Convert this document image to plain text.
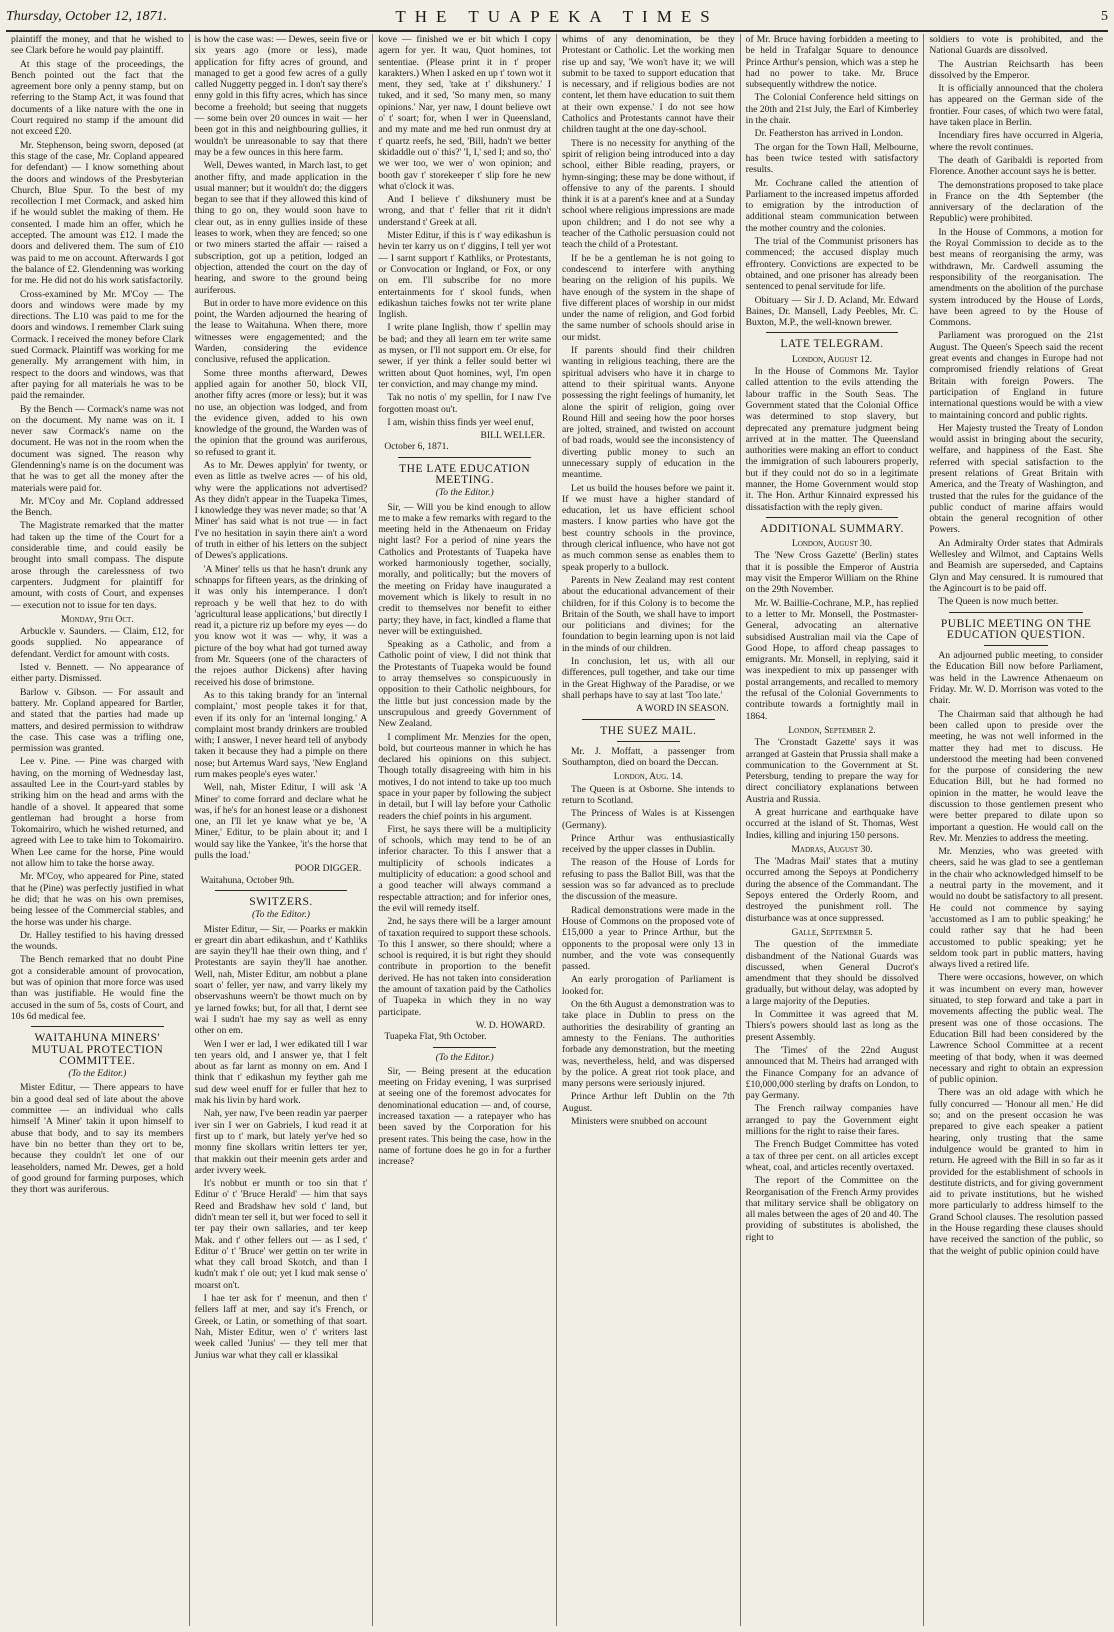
Thursday, October 12, 1871.	THE TUAPEKA TIMES	5

plaintiff the money, and that he wished to see Clark before he would pay plaintiff.

At this stage of the proceedings, the Bench pointed out the fact that the agreement bore only a penny stamp, but on referring to the Stamp Act, it was found that documents of a like nature with the one in Court required no stamp if the amount did not exceed £20.

Mr. Stephenson, being sworn, deposed (at this stage of the case, Mr. Copland appeared for defendant) — I know something about the doors and windows of the Presbyterian Church, Blue Spur. To the best of my recollection I met Cormack, and asked him if he would sublet the making of them. He consented. I made him an offer, which he accepted. The amount was £12. I made the doors and delivered them. The sum of £10 was paid to me on account. Afterwards I got the balance of £2. Glendenning was working for me. He did not do his work satisfactorily.

Cross-examined by Mr. M'Coy — The doors and windows were made by my directions. The L10 was paid to me for the doors and windows. I remember Clark suing Cormack. I received the money before Clark sued Cormack. Plaintiff was working for me generally. My arrangement with him, in respect to the doors and windows, was that after paying for all materials he was to be paid the remainder.

By the Bench — Cormack's name was not on the document. My name was on it. I never saw Cormack's name on the document. He was not in the room when the document was signed. The reason why Glendenning's name is on the document was that he was to get all the money after the materials were paid for.

Mr. M'Coy and Mr. Copland addressed the Bench.

The Magistrate remarked that the matter had taken up the time of the Court for a considerable time, and could easily be brought into small compass. The dispute arose through the carelessness of two carpenters. Judgment for plaintiff for amount, with costs of Court, and expenses — execution not to issue for ten days.

Monday, 9th Oct.

Arbuckle v. Saunders. — Claim, £12, for goods supplied. No appearance of defendant. Verdict for amount with costs.

Isted v. Bennett. — No appearance of either party. Dismissed.

Barlow v. Gibson. — For assault and battery. Mr. Copland appeared for Bartler, and stated that the parties had made up matters, and desired permission to withdraw the case. This case was a trifling one, permission was granted.

Lee v. Pine. — Pine was charged with having, on the morning of Wednesday last, assaulted Lee in the Court-yard stables by striking him on the head and arms with the handle of a shovel. It appeared that some gentleman had brought a horse from Tokomairiro, which he wished returned, and agreed with Lee to take him to Tokomairiro. When Lee came for the horse, Pine would not allow him to take the horse away.

Mr. M'Coy, who appeared for Pine, stated that he (Pine) was perfectly justified in what he did; that he was on his own premises, being lessee of the Commercial stables, and the horse was under his charge.

Dr. Halley testified to his having dressed the wounds.

The Bench remarked that no doubt Pine got a considerable amount of provocation, but was of opinion that more force was used than was justifiable. He would fine the accused in the sum of 5s, costs of Court, and 10s 6d medical fee.

WAITAHUNA MINERS' MUTUAL PROTECTION COMMITTEE.
(To the Editor.)

Mister Editur, — There appears to have bin a good deal sed of late about the above committee — an individual who calls himself 'A Miner' takin it upon himself to abuse that body, and to say its members have bin no better than they ort to be, because they couldn't let one of our leaseholders, named Mr. Dewes, get a hold of good ground for farming purposes, which they thort was auriferous.

is how the case was: — Dewes, seein five or six years ago (more or less), made application for fifty acres of ground, and managed to get a good few acres of a gully called Nuggetty pegged in. I don't say there's enny gold in this fifty acres, which has since become a freehold; but seeing that nuggets — some bein over 20 ounces in wait — her been got in this and neighbouring gullies, it wouldn't be unreasonable to say that there may be a few ounces in this here farm.

Well, Dewes wanted, in March last, to get another fifty, and made application in the usual manner; but it wouldn't do; the diggers began to see that if they allowed this kind of thing to go on, they would soon have to clear out, as in enny gullies inside of these leases to work, when they are fenced; so one or two miners started the affair — raised a subscription, got up a petition, lodged an objection, attended the court on the day of hearing, and swore to the ground being auriferous.

But in order to have more evidence on this point, the Warden adjourned the hearing of the lease to Waitahuna. When there, more witnesses were engagemented; and the Warden, considering the evidence conclusive, refused the application.

Some three months afterward, Dewes applied again for another 50, block VII, another fifty acres (more or less); but it was no use, an objection was lodged, and from the evidence given, added to his own knowledge of the ground, the Warden was of the opinion that the ground was auriferous, so refused to grant it.

As to Mr. Dewes applyin' for twenty, or even as little as twelve acres — of his old, why were the applications not advertised? As they didn't appear in the Tuapeka Times, I knowledge they was never made; so that 'A Miner' has said what is not true — in fact I've no hesitation in sayin there ain't a word of truth in either of his letters on the subject of Dewes's applications.

'A Miner' tells us that he hasn't drunk any schnapps for fifteen years, as the drinking of it was only his intemperance. I don't reproach y be well that hez to do with 'agricultural lease applications,' but directly I read it, a picture riz up before my eyes — do you know wot it was — why, it was a picture of the boy what had got turned away from Mr. Squeers (one of the characters of the rejoes author Dickens) after having received his dose of brimstone.

As to this taking brandy for an 'internal complaint,' most people takes it for that, even if its only for an 'internal longing.' A complaint most brandy drinkers are troubled with; I answer, I never heard tell of anybody taken it because they had a pimple on there nose; but Artemus Ward says, 'New England rum makes people's eyes water.'

Well, nah, Mister Editur, I will ask 'A Miner' to come forrard and declare what he was, if he's for an honest lease or a dishonest one, an I'll let ye knaw what ye be, 'A Miner,' Editur, to be plain about it; and I would say like the Yankee, 'it's the horse that pulls the load.'

POOR DIGGER.
Waitahuna, October 9th.
SWITZERS.
(To the Editor.)

Mister Editur, — Sir, — Poarks er makkin er greart din abart edikashun, and t' Kathliks are sayin they'll hae their own thing, and t' Protestants are sayin they'll hae another. Well, nah, Mister Editur, am nobbut a plane soart o' feller, yer naw, and varry likely my observashuns weern't be thowt much on by ye larned fowks; but, for all that, I dernt see wai I sudn't hae my say as well as enny other on em.

Wen I wer er lad, I wer edikated till I war ten years old, and I answer ye, that I felt about as far larnt as monny on em. And I think that t' edikashun my feyther gah me sud dew weel enuff for er fuller that hez to mak his livin by hard work.

Nah, yer naw, I've been readin yar paerper iver sin I wer on Gabriels, I kud read it at first up to t' mark, but lately yer've hed so monny fine skollars writin letters ter yer, that makkin out their meenin gets arder and arder ivvery week.

It's nobbut er munth or too sin that t' Editur o' t' 'Bruce Herald' — him that says Reed and Bradshaw hev sold t' land, but didn't mean ter sell it, but wer foced to sell it ter pay their own sallaries, and ter keep Mak. and t' other fellers out — as I sed, t' Editur o' t' 'Bruce' wer gettin on ter write in what they call broad Skotch, and than I kudn't mak t' ole out; yet I kud mak sense o' moarst on't.

I hae ter ask for t' meenun, and then t' fellers laff at mer, and say it's French, or Greek, or Latin, or something of that soart. Nah, Mister Editur, wen o' t' writers last week called 'Junius' — they tell mer that Junius war what they call er klassikal

kove — finished we er bit which I copy agern for yer. It wau, Quot homines, tot sententiae. (Please print it in t' proper karakters.) When I asked en up t' town wot it ment, they sed, 'take at t' dikshunery.' I tuked, and it sed, 'So many men, so many opinions.' Nar, yer naw, I dount believe owt o' t' soart; for, when I wer in Queensland, and my mate and me hed run onmust dry at t' quartz reefs, he sed, 'Bill, hadn't we better skidaddle out o' this?' 'I, I,' sed I; and so, tho' we wer too, we wer o' won opinion; and booth gav t' storekeeper t' slip fore he new what o'clock it was.

And I believe t' dikshunery must be wrong, and that t' feller that rit it didn't understand t' Greek at all.

Mister Editur, if this is t' way edikashun is hevin ter karry us on t' diggins, I tell yer wot — I sarnt support t' Kathliks, or Protestants, or Convocation or Ingland, or Fox, or ony on em. I'll subscribe for no more entertainments for t' skool funds, when edikashun taiches fowks not ter write plane Inglish.

I write plane Inglish, thow t' spellin may be bad; and they all learn em ter write same as mysen, or I'll not support em. Or else, for sewer, if yer think a feller sould better wi written about Quot homines, wyl, I'm open ter conviction, and may change my mind.

Tak no notis o' my spellin, for I naw I've forgotten moast ou't.

I am, wishin thiss finds yer weel enuf,

BILL WELLER.
October 6, 1871.
THE LATE EDUCATION MEETING.
(To the Editor.)

Sir, — Will you be kind enough to allow me to make a few remarks with regard to the meeting held in the Athenaeum on Friday night last? For a period of nine years the Catholics and Protestants of Tuapeka have worked harmoniously together, socially, morally, and politically; but the movers of the meeting on Friday have inaugurated a movement which is likely to result in no credit to themselves nor benefit to either party; they have, in fact, kindled a flame that never will be extinguished.

Speaking as a Catholic, and from a Catholic point of view, I did not think that the Protestants of Tuapeka would be found to array themselves so conspicuously in opposition to their Catholic neighbours, for the little but just concession made by the unscrupulous and greedy Government of New Zealand.

I compliment Mr. Menzies for the open, bold, but courteous manner in which he has declared his opinions on this subject. Though totally disagreeing with him in his motives, I do not intend to take up too much space in your paper by following the subject in detail, but I will lay before your Catholic readers the chief points in his argument.

First, he says there will be a multiplicity of schools, which may tend to be of an inferior character. To this I answer that a multiplicity of schools indicates a multiplicity of education: a good school and a good teacher will always command a respectable attraction; and for inferior ones, the evil will remedy itself.

2nd, he says there will be a larger amount of taxation required to support these schools. To this I answer, so there should; where a school is required, it is but right they should contribute in proportion to the benefit derived. He has not taken into consideration the amount of taxation paid by the Catholics of Tuapeka in which they in no way participate.

W. D. HOWARD.
Tuapeka Flat, 9th October.
(To the Editor.)

Sir, — Being present at the education meeting on Friday evening, I was surprised at seeing one of the foremost advocates for denominational education — and, of course, increased taxation — a ratepayer who has been saved by the Corporation for his present rates. This being the case, how in the name of fortune does he go in for a further increase?

whims of any denomination, be they Protestant or Catholic. Let the working men rise up and say, 'We won't have it; we will submit to be taxed to support education that is necessary, and if religious bodies are not content, let them have education to suit them at their own expense.' I do not see how Catholics and Protestants cannot have their children taught at the one day-school.

There is no necessity for anything of the spirit of religion being introduced into a day school, either Bible reading, prayers, or hymn-singing; these may be done without, if offensive to any of the parents. I should think it is at a parent's knee and at a Sunday school where religious impressions are made upon children; and I do not see why a teacher of the Catholic persuasion could not teach the child of a Protestant.

If he be a gentleman he is not going to condescend to interfere with anything bearing on the religion of his pupils. We have enough of the system in the shape of five different places of worship in our midst under the name of religion, and God forbid the same number of schools should arise in our midst.

If parents should find their children wanting in religious teaching, there are the spiritual advisers who have it in charge to attend to their spiritual wants. Anyone possessing the right feelings of humanity, let alone the spirit of religion, going over Round Hill and seeing how the poor horses are jolted, strained, and twisted on account of bad roads, would see the inconsistency of diverting public money to such an unnecessary supply of education in the meantime.

Let us build the houses before we paint it. If we must have a higher standard of education, let us have efficient school masters. I know parties who have got the best country schools in the province, through clerical influence, who have not got as much common sense as enables them to speak properly to a bullock.

Parents in New Zealand may rest content about the educational advancement of their children, for if this Colony is to become the Britain of the South, we shall have to import our politicians and divines; for the foundation to begin learning upon is not laid in the minds of our children.

In conclusion, let us, with all our differences, pull together, and take our time in the Great Highway of the Paradise, or we shall perhaps have to say at last 'Too late.'

A WORD IN SEASON.
THE SUEZ MAIL.

Mr. J. Moffatt, a passenger from Southampton, died on board the Deccan.

London, Aug. 14.

The Queen is at Osborne. She intends to return to Scotland.

The Princess of Wales is at Kissengen (Germany).

Prince Arthur was enthusiastically received by the upper classes in Dublin.

The reason of the House of Lords for refusing to pass the Ballot Bill, was that the session was so far advanced as to preclude the discussion of the measure.

Radical demonstrations were made in the House of Commons on the proposed vote of £15,000 a year to Prince Arthur, but the opponents to the proposal were only 13 in number, and the vote was consequently passed.

An early prorogation of Parliament is looked for.

On the 6th August a demonstration was to take place in Dublin to press on the authorities the desirability of granting an amnesty to the Fenians. The authorities forbade any demonstration, but the meeting was, nevertheless, held, and was dispersed by the police. A great riot took place, and many persons were seriously injured.

Prince Arthur left Dublin on the 7th August.

Ministers were snubbed on account

of Mr. Bruce having forbidden a meeting to be held in Trafalgar Square to denounce Prince Arthur's pension, which was a step he had no power to take. Mr. Bruce subsequently withdrew the notice.

The Colonial Conference held sittings on the 20th and 21st July, the Earl of Kimberley in the chair.

Dr. Featherston has arrived in London.

The organ for the Town Hall, Melbourne, has been twice tested with satisfactory results.

Mr. Cochrane called the attention of Parliament to the increased impetus afforded to emigration by the introduction of additional steam communication between the mother country and the colonies.

The trial of the Communist prisoners has commenced; the accused display much effrontery. Convictions are expected to be obtained, and one prisoner has already been sentenced to penal servitude for life.

Obituary — Sir J. D. Acland, Mr. Edward Baines, Dr. Mansell, Lady Peebles, Mr. C. Buxton, M.P., the well-known brewer.

LATE TELEGRAM.
London, August 12.

In the House of Commons Mr. Taylor called attention to the evils attending the labour traffic in the South Seas. The Government stated that the Colonial Office was determined to stop slavery, but deprecated any premature judgment being arrived at in the matter. The Queensland authorities were making an effort to conduct the immigration of such labourers properly, but if they could not do so in a legitimate manner, the Home Government would stop it. The Hon. Arthur Kinnaird expressed his dissatisfaction with the reply given.

ADDITIONAL SUMMARY.
London, August 30.

The 'New Cross Gazette' (Berlin) states that it is possible the Emperor of Austria may visit the Emperor William on the Rhine on the 29th November.

Mr. W. Baillie-Cochrane, M.P., has replied to a letter to Mr. Monsell, the Postmaster-General, advocating an alternative subsidised Australian mail via the Cape of Good Hope, to afford cheap passages to emigrants. Mr. Monsell, in replying, said it was inexpedient to mix up passenger with postal arrangements, and recalled to memory the refusal of the Colonial Governments to contribute towards a fortnightly mail in 1864.

London, September 2.

The 'Cronstadt Gazette' says it was arranged at Gastein that Prussia shall make a communication to the Government at St. Petersburg, tending to prepare the way for direct conciliatory explanations between Austria and Russia.

A great hurricane and earthquake have occurred at the island of St. Thomas, West Indies, killing and injuring 150 persons.

Madras, August 30.

The 'Madras Mail' states that a mutiny occurred among the Sepoys at Pondicherry during the absence of the Commandant. The Sepoys entered the Orderly Room, and destroyed the punishment roll. The disturbance was at once suppressed.

Galle, September 5.

The question of the immediate disbandment of the National Guards was discussed, when General Ducrot's amendment that they should be dissolved gradually, but without delay, was adopted by a large majority of the Deputies.

In Committee it was agreed that M. Thiers's powers should last as long as the present Assembly.

The 'Times' of the 22nd August announced that M. Theirs had arranged with the Finance Company for an advance of £10,000,000 sterling by drafts on London, to pay Germany.

The French railway companies have arranged to pay the Government eight millions for the right to raise their fares.

The French Budget Committee has voted a tax of three per cent. on all articles except wheat, coal, and articles recently overtaxed.

The report of the Committee on the Reorganisation of the French Army provides that military service shall be obligatory on all males between the ages of 20 and 40. The providing of substitutes is abolished, the right to

soldiers to vote is prohibited, and the National Guards are dissolved.

The Austrian Reichsarth has been dissolved by the Emperor.

It is officially announced that the cholera has appeared on the German side of the frontier. Four cases, of which two were fatal, have taken place in Berlin.

Incendiary fires have occurred in Algeria, where the revolt continues.

The death of Garibaldi is reported from Florence. Another account says he is better.

The demonstrations proposed to take place in France on the 4th September (the anniversary of the declaration of the Republic) were prohibited.

In the House of Commons, a motion for the Royal Commission to decide as to the best means of reorganising the army, was withdrawn, Mr. Cardwell assuming the responsibility of the reorganisation. The amendments on the abolition of the purchase system introduced by the House of Lords, have been agreed to by the House of Commons.

Parliament was prorogued on the 21st August. The Queen's Speech said the recent great events and changes in Europe had not compromised friendly relations of Great Britain with foreign Powers. The participation of England in future international questions would be with a view to maintaining concord and public rights.

Her Majesty trusted the Treaty of London would assist in bringing about the security, welfare, and happiness of the East. She referred with special satisfaction to the present relations of Great Britain with America, and the Treaty of Washington, and trusted that the rules for the guidance of the public conduct of marine affairs would obtain the general recognition of other Powers.

An Admiralty Order states that Admirals Wellesley and Wilmot, and Captains Wells and Beamish are superseded, and Captains Glyn and May censured. It is rumoured that the Agincourt is to be paid off.

The Queen is now much better.

PUBLIC MEETING ON THE EDUCATION QUESTION.

An adjourned public meeting, to consider the Education Bill now before Parliament, was held in the Lawrence Athenaeum on Friday. Mr. W. D. Morrison was voted to the chair.

The Chairman said that although he had been called upon to preside over the meeting, he was not well informed in the matter they had met to discuss. He understood the meeting had been convened for the purpose of considering the new Education Bill, but he had formed no opinion in the matter, he would leave the discussion to those gentlemen present who were better prepared to dilate upon so important a question. He would call on the Rev. Mr. Menzies to address the meeting.

Mr. Menzies, who was greeted with cheers, said he was glad to see a gentleman in the chair who acknowledged himself to be a neutral party in the movement, and it would no doubt be satisfactory to all present. He could not commence by saying 'accustomed as I am to public speaking;' he could rather say that he had been accustomed to public speaking; yet he seldom took part in public matters, having always lived a retired life.

There were occasions, however, on which it was incumbent on every man, however situated, to step forward and take a part in movements affecting the public weal. The present was one of those occasions. The Education Bill had been considered by the Lawrence School Committee at a recent meeting of that body, when it was deemed necessary and right to obtain an expression of public opinion.

There was an old adage with which he fully concurred — 'Honour all men.' He did so; and on the present occasion he was prepared to give each speaker a patient hearing, only trusting that the same indulgence would be granted to him in return. He agreed with the Bill in so far as it provided for the establishment of schools in destitute districts, and for giving government aid to private institutions, but he wished more particularly to address himself to the Grand School clauses. The resolution passed in the House regarding these clauses should have received the sanction of the public, so that the weight of public opinion could have
